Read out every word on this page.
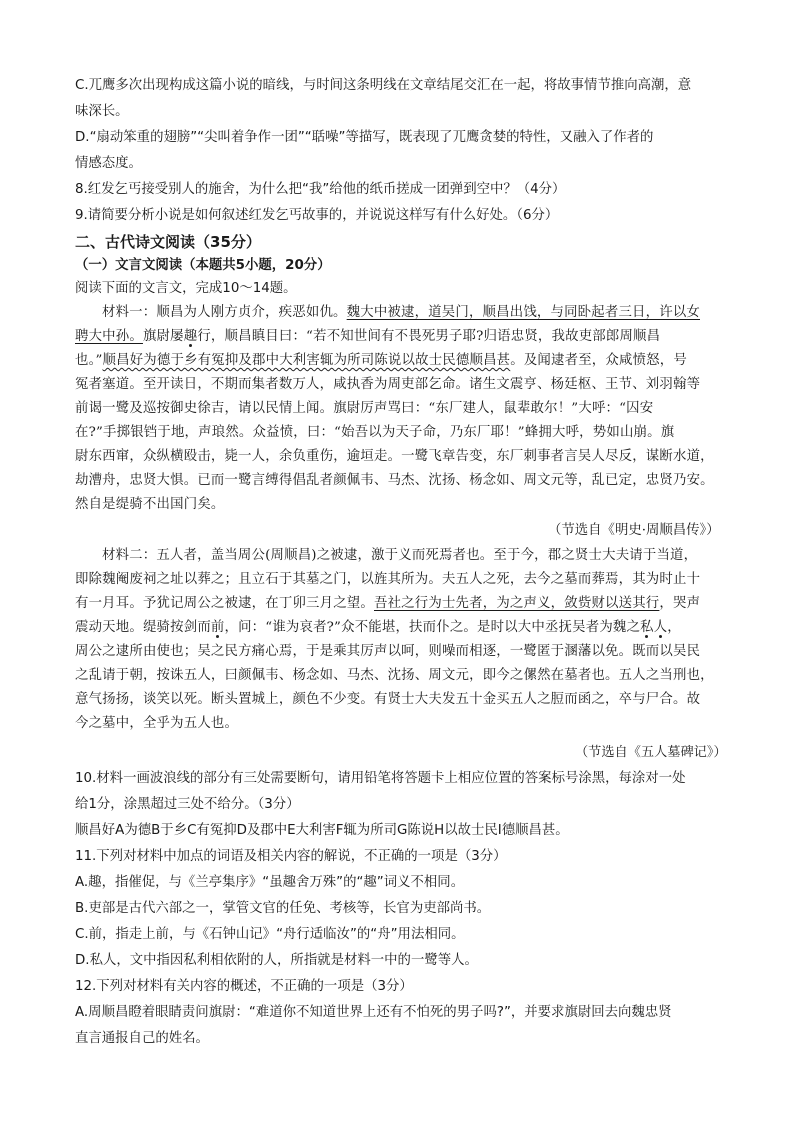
C.兀鹰多次出现构成这篇小说的暗线，与时间这条明线在文章结尾交汇在一起，将故事情节推向高潮，意
味深长。
D.“扇动笨重的翅膀”“尖叫着争作一团”“聒噪”等描写，既表现了兀鹰贪婪的特性，又融入了作者的
情感态度。
8.红发乞丐接受别人的施舍，为什么把“我”给他的纸币搓成一团弹到空中？（4分）
9.请简要分析小说是如何叙述红发乞丐故事的，并说说这样写有什么好处。（6分）
二、古代诗文阅读（35分）
（一）文言文阅读（本题共5小题，20分）
阅读下面的文言文，完成10～14题。
材料一：顺昌为人刚方贞介，疾恶如仇。魏大中被逮，道吴门，顺昌出饯，与同卧起者三日，许以女
聘大中孙。旗尉屡趣行，顺昌瞋目曰：“若不知世间有不畏死男子耶?归语忠贤，我故吏部郎周顺昌
也。”顺昌好为德于乡有冤抑及郡中大利害辄为所司陈说以故士民德顺昌甚。及闻逮者至，众咸愤怒，号
冤者塞道。至开读日，不期而集者数万人，咸执香为周吏部乞命。诸生文震亨、杨廷枢、王节、刘羽翰等
前谒一鹭及巡按御史徐吉，请以民情上闻。旗尉厉声骂曰：“东厂建人，鼠辈敢尔！”大呼：“囚安
在?”手掷银铛于地，声琅然。众益愤，曰：“始吾以为天子命，乃东厂耶！”蜂拥大呼，势如山崩。旗
尉东西窜，众纵横殴击，毙一人，余负重伤，逾垣走。一鹭飞章告变，东厂刺事者言吴人尽反，谋断水道，
劫漕舟，忠贤大惧。已而一鹭言缚得倡乱者颜佩韦、马杰、沈扬、杨念如、周文元等，乱已定，忠贤乃安。
然自是缇骑不出国门矣。
（节选自《明史·周顺昌传》）
材料二：五人者，盖当周公(周顺昌)之被逮，激于义而死焉者也。至于今，郡之贤士大夫请于当道，
即除魏阉废祠之址以葬之；且立石于其墓之门，以旌其所为。夫五人之死，去今之墓而葬焉，其为时止十
有一月耳。予犹记周公之被逮，在丁卯三月之望。吾社之行为士先者，为之声义，敛赀财以送其行，哭声
震动天地。缇骑按剑而前，问：“谁为哀者?”众不能堪，扶而仆之。是时以大中丞抚吴者为魏之私人，
周公之逮所由使也；吴之民方痛心焉，于是乘其厉声以呵，则噪而相逐，一鹭匿于溷藩以免。既而以吴民
之乱请于朝，按诛五人，曰颜佩韦、杨念如、马杰、沈扬、周文元，即今之傫然在墓者也。五人之当刑也，
意气扬扬，谈笑以死。断头置城上，颜色不少变。有贤士大夫发五十金买五人之脰而函之，卒与尸合。故
今之墓中，全乎为五人也。
（节选自《五人墓碑记》）
10.材料一画波浪线的部分有三处需要断句，请用铅笔将答题卡上相应位置的答案标号涂黑，每涂对一处
给1分，涂黑超过三处不给分。（3分）
顺昌好A为德B于乡C有冤抑D及郡中E大利害F辄为所司G陈说H以故士民I德顺昌甚。
11.下列对材料中加点的词语及相关内容的解说，不正确的一项是（3分）
A.趣，指催促，与《兰亭集序》“虽趣舍万殊”的“趣”词义不相同。
B.吏部是古代六部之一，掌管文官的任免、考核等，长官为吏部尚书。
C.前，指走上前，与《石钟山记》“舟行适临汝”的“舟”用法相同。
D.私人，文中指因私利相依附的人，所指就是材料一中的一鹭等人。
12.下列对材料有关内容的概述，不正确的一项是（3分）
A.周顺昌瞪着眼睛责问旗尉：“难道你不知道世界上还有不怕死的男子吗?”，并要求旗尉回去向魏忠贤
直言通报自己的姓名。
